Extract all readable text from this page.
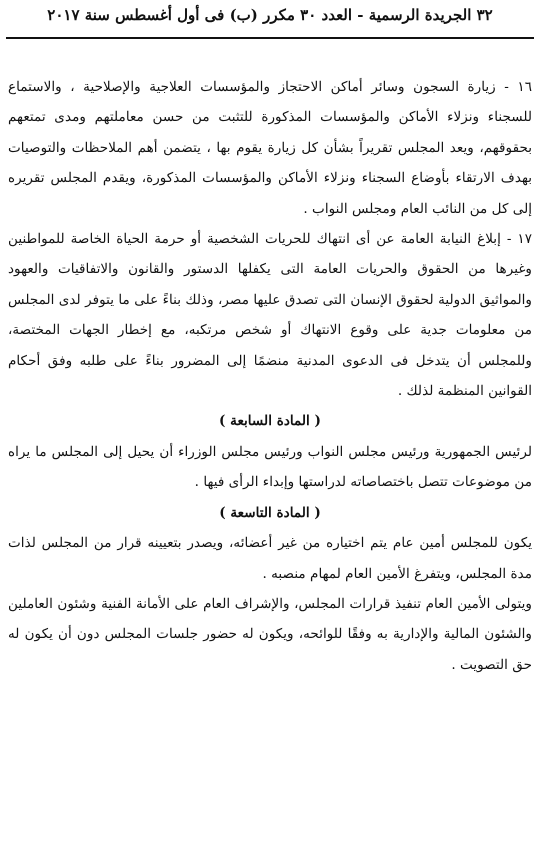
٣٢ الجريدة الرسمية - العدد ٣٠ مكرر (ب) فى أول أغسطس سنة ٢٠١٧

١٦ - زيارة السجون وسائر أماكن الاحتجاز والمؤسسات العلاجية والإصلاحية ، والاستماع للسجناء ونزلاء الأماكن والمؤسسات المذكورة للتثبت من حسن معاملتهم ومدى تمتعهم بحقوقهم، ويعد المجلس تقريراً بشأن كل زيارة يقوم بها ، يتضمن أهم الملاحظات والتوصيات بهدف الارتقاء بأوضاع السجناء ونزلاء الأماكن والمؤسسات المذكورة، ويقدم المجلس تقريره إلى كل من النائب العام ومجلس النواب .

١٧ - إبلاغ النيابة العامة عن أى انتهاك للحريات الشخصية أو حرمة الحياة الخاصة للمواطنين وغيرها من الحقوق والحريات العامة التى يكفلها الدستور والقانون والاتفاقيات والعهود والمواثيق الدولية لحقوق الإنسان التى تصدق عليها مصر، وذلك بناءً على ما يتوفر لدى المجلس من معلومات جدية على وقوع الانتهاك أو شخص مرتكبه، مع إخطار الجهات المختصة، وللمجلس أن يتدخل فى الدعوى المدنية منضمًا إلى المضرور بناءً على طلبه وفق أحكام القوانين المنظمة لذلك .

( المادة السابعة )

لرئيس الجمهورية ورئيس مجلس النواب ورئيس مجلس الوزراء أن يحيل إلى المجلس ما يراه من موضوعات تتصل باختصاصاته لدراستها وإبداء الرأى فيها .

( المادة التاسعة )

يكون للمجلس أمين عام يتم اختياره من غير أعضائه، ويصدر بتعيينه قرار من المجلس لذات مدة المجلس، ويتفرغ الأمين العام لمهام منصبه .

ويتولى الأمين العام تنفيذ قرارات المجلس، والإشراف العام على الأمانة الفنية وشئون العاملين والشئون المالية والإدارية به وفقًا للوائحه، ويكون له حضور جلسات المجلس دون أن يكون له حق التصويت .
